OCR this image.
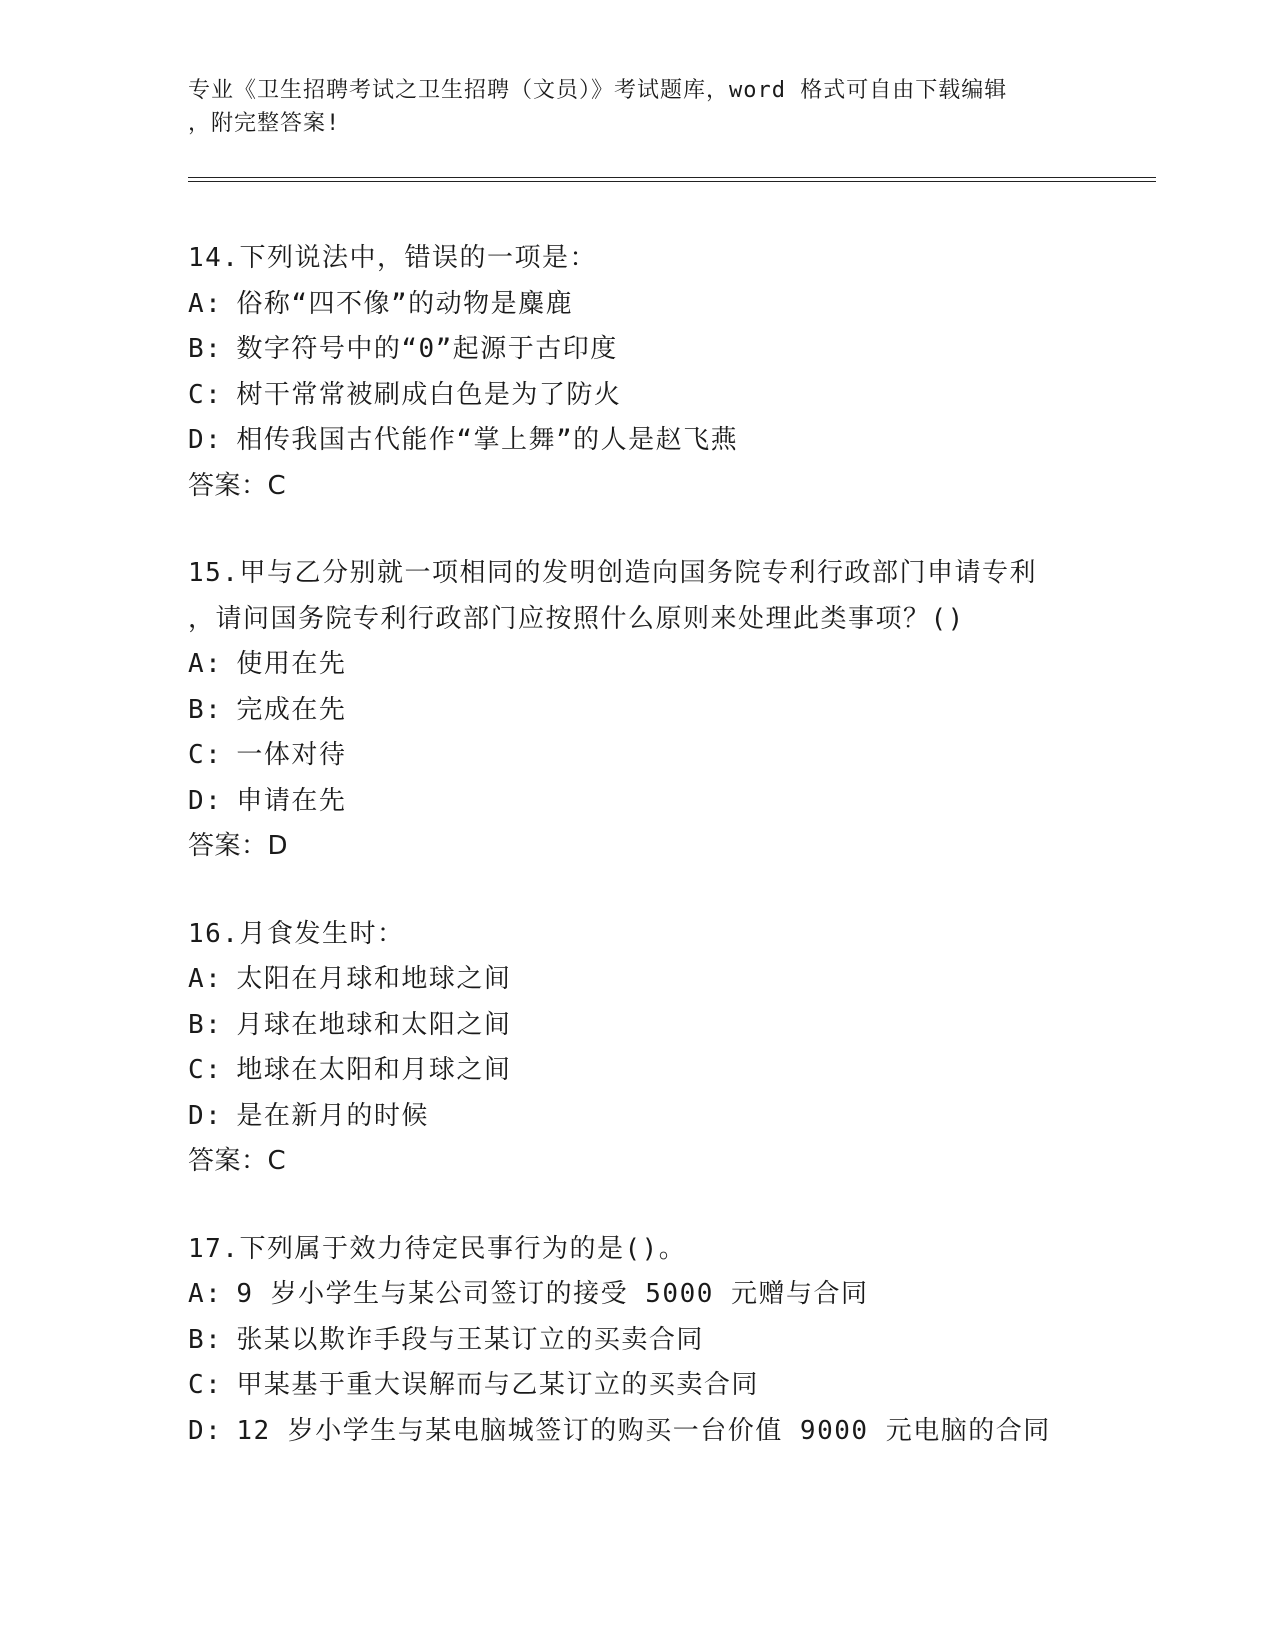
专业《卫生招聘考试之卫生招聘（文员）》考试题库，word 格式可自由下载编辑
，附完整答案!
14.下列说法中，错误的一项是：
A: 俗称“四不像”的动物是麋鹿
B: 数字符号中的“0”起源于古印度
C: 树干常常被刷成白色是为了防火
D: 相传我国古代能作“掌上舞”的人是赵飞燕
答案：C
15.甲与乙分别就一项相同的发明创造向国务院专利行政部门申请专利
，请问国务院专利行政部门应按照什么原则来处理此类事项？()
A: 使用在先
B: 完成在先
C: 一体对待
D: 申请在先
答案：D
16.月食发生时：
A: 太阳在月球和地球之间
B: 月球在地球和太阳之间
C: 地球在太阳和月球之间
D: 是在新月的时候
答案：C
17.下列属于效力待定民事行为的是()。
A: 9 岁小学生与某公司签订的接受 5000 元赠与合同
B: 张某以欺诈手段与王某订立的买卖合同
C: 甲某基于重大误解而与乙某订立的买卖合同
D: 12 岁小学生与某电脑城签订的购买一台价值 9000 元电脑的合同
